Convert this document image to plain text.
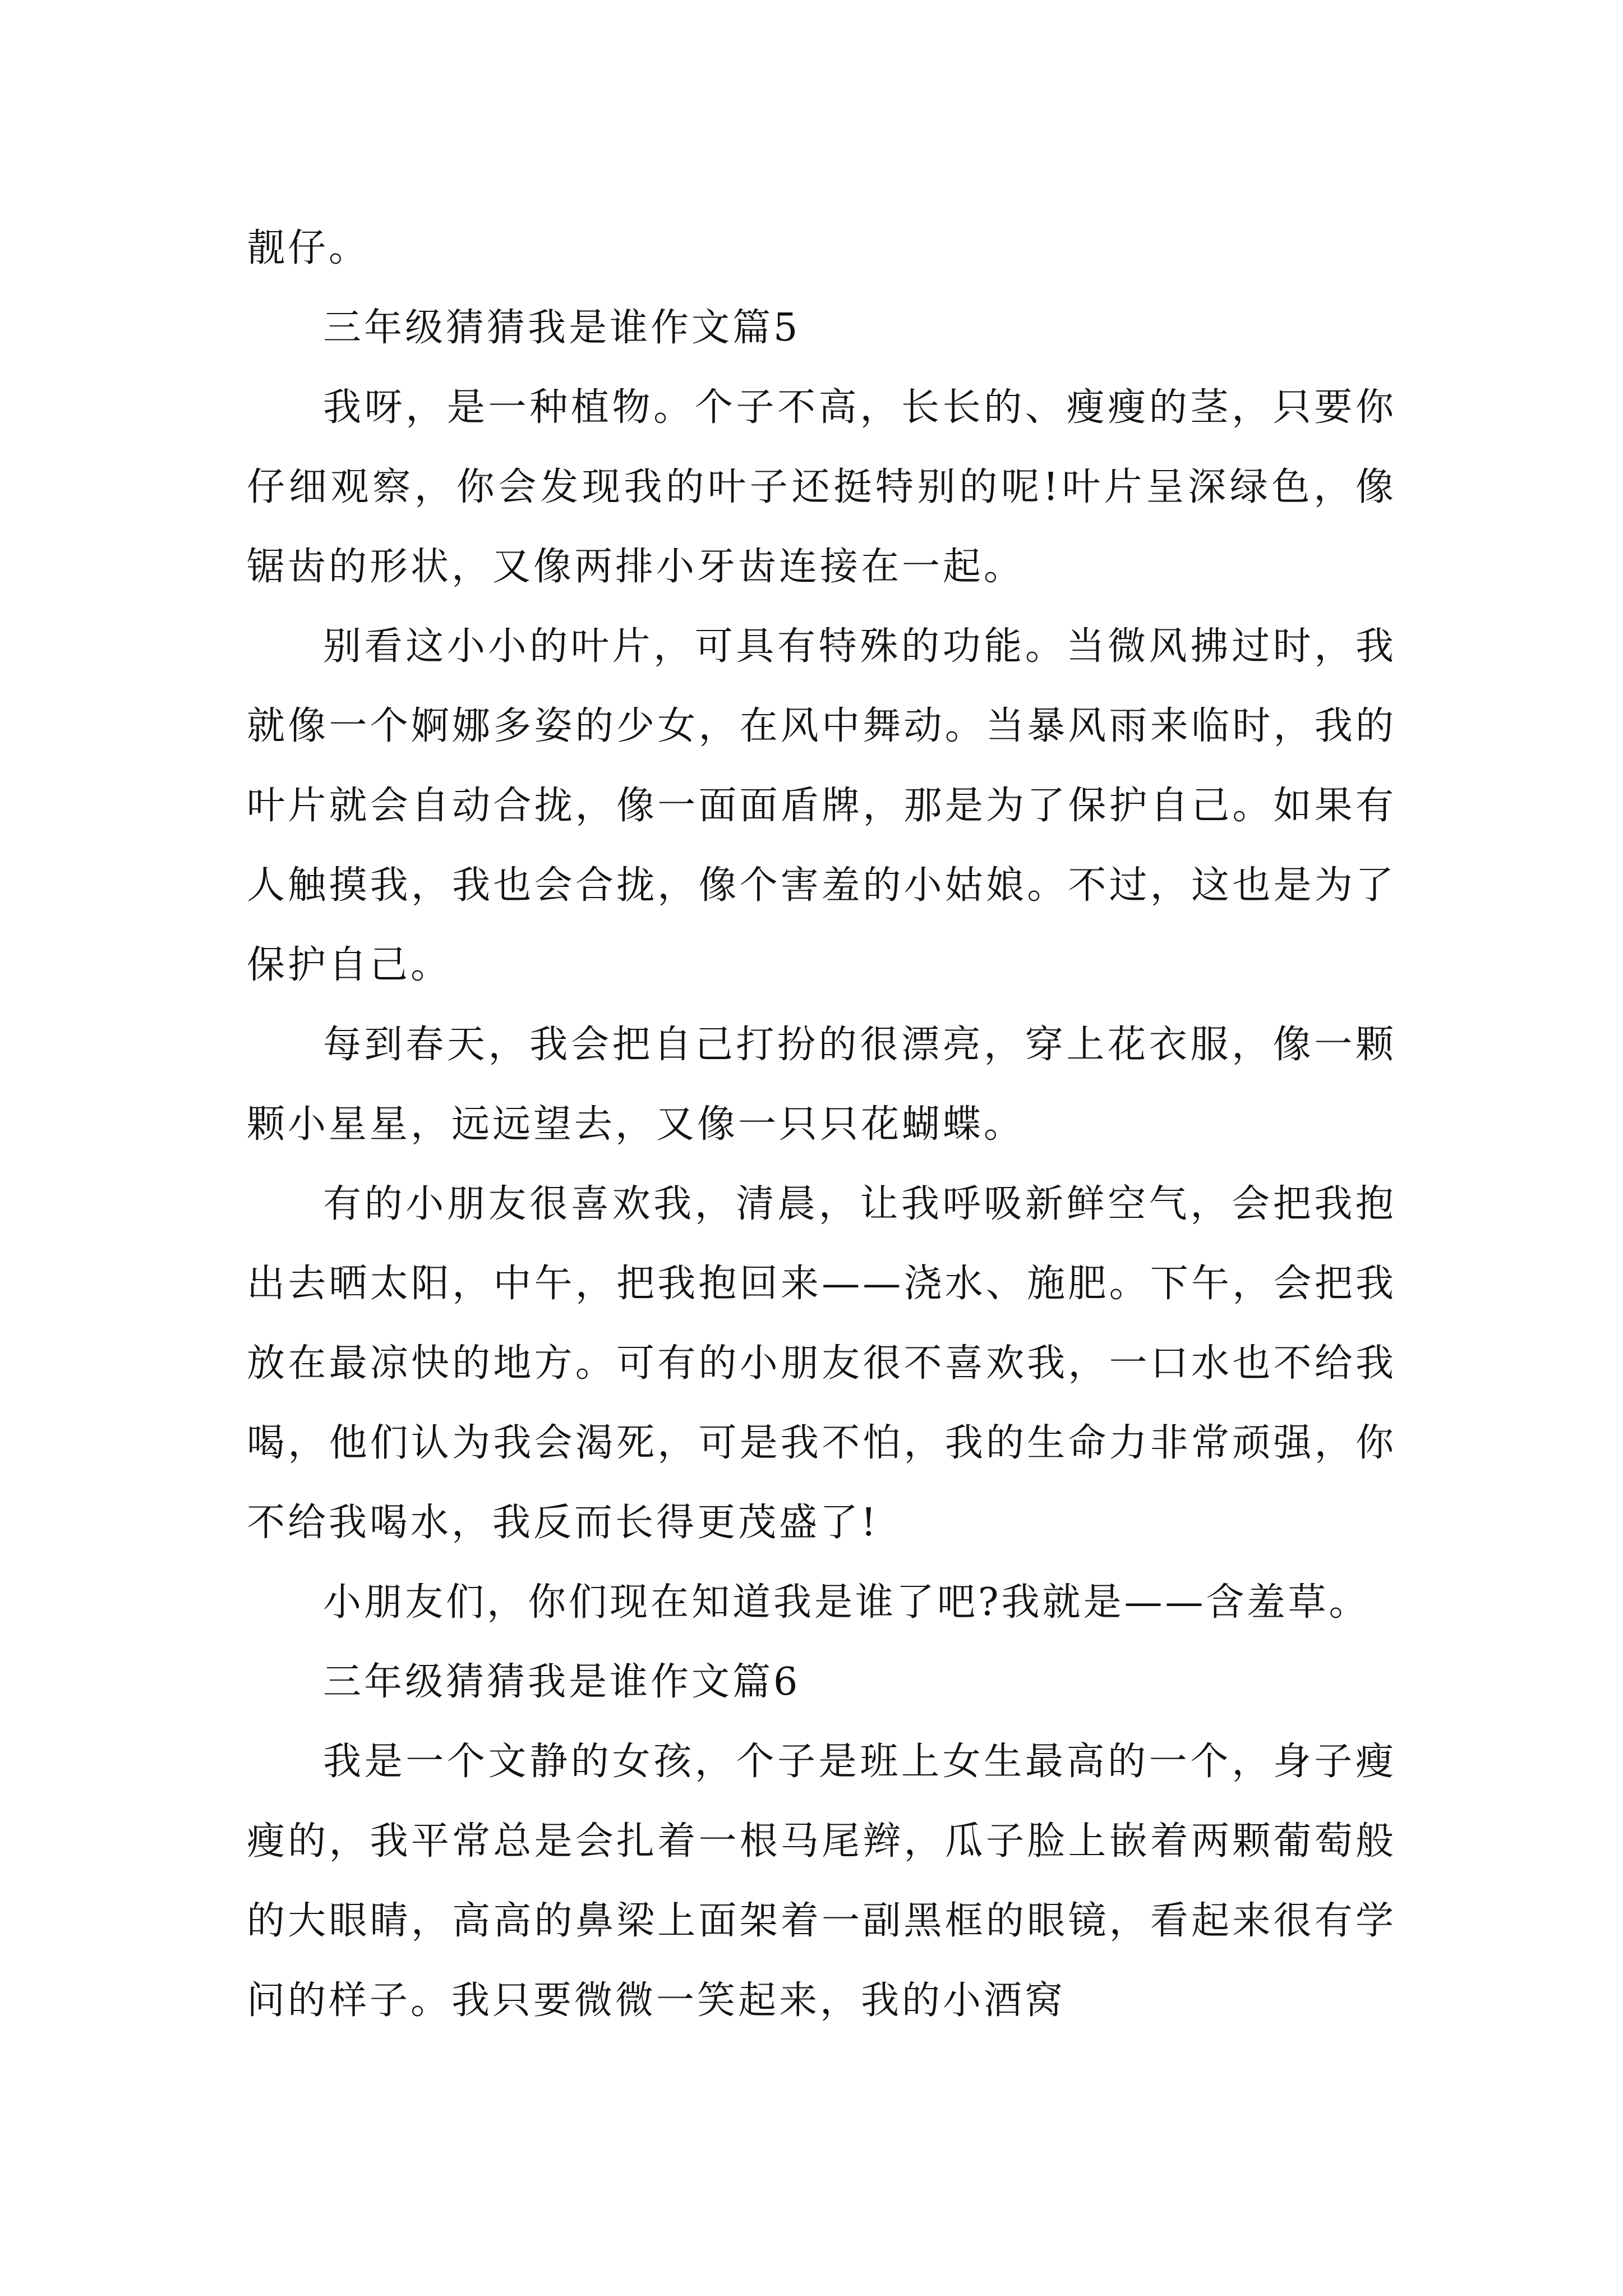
靓仔。

三年级猜猜我是谁作文篇5

我呀，是一种植物。个子不高，长长的、瘦瘦的茎，只要你仔细观察，你会发现我的叶子还挺特别的呢!叶片呈深绿色，像锯齿的形状，又像两排小牙齿连接在一起。

别看这小小的叶片，可具有特殊的功能。当微风拂过时，我就像一个婀娜多姿的少女，在风中舞动。当暴风雨来临时，我的叶片就会自动合拢，像一面面盾牌，那是为了保护自己。如果有人触摸我，我也会合拢，像个害羞的小姑娘。不过，这也是为了保护自己。

每到春天，我会把自己打扮的很漂亮，穿上花衣服，像一颗颗小星星，远远望去，又像一只只花蝴蝶。

有的小朋友很喜欢我，清晨，让我呼吸新鲜空气，会把我抱出去晒太阳，中午，把我抱回来——浇水、施肥。下午，会把我放在最凉快的地方。可有的小朋友很不喜欢我，一口水也不给我喝，他们认为我会渴死，可是我不怕，我的生命力非常顽强，你不给我喝水，我反而长得更茂盛了!

小朋友们，你们现在知道我是谁了吧?我就是——含羞草。

三年级猜猜我是谁作文篇6

我是一个文静的女孩，个子是班上女生最高的一个，身子瘦瘦的，我平常总是会扎着一根马尾辫，瓜子脸上嵌着两颗葡萄般的大眼睛，高高的鼻梁上面架着一副黑框的眼镜，看起来很有学问的样子。我只要微微一笑起来，我的小酒窝
